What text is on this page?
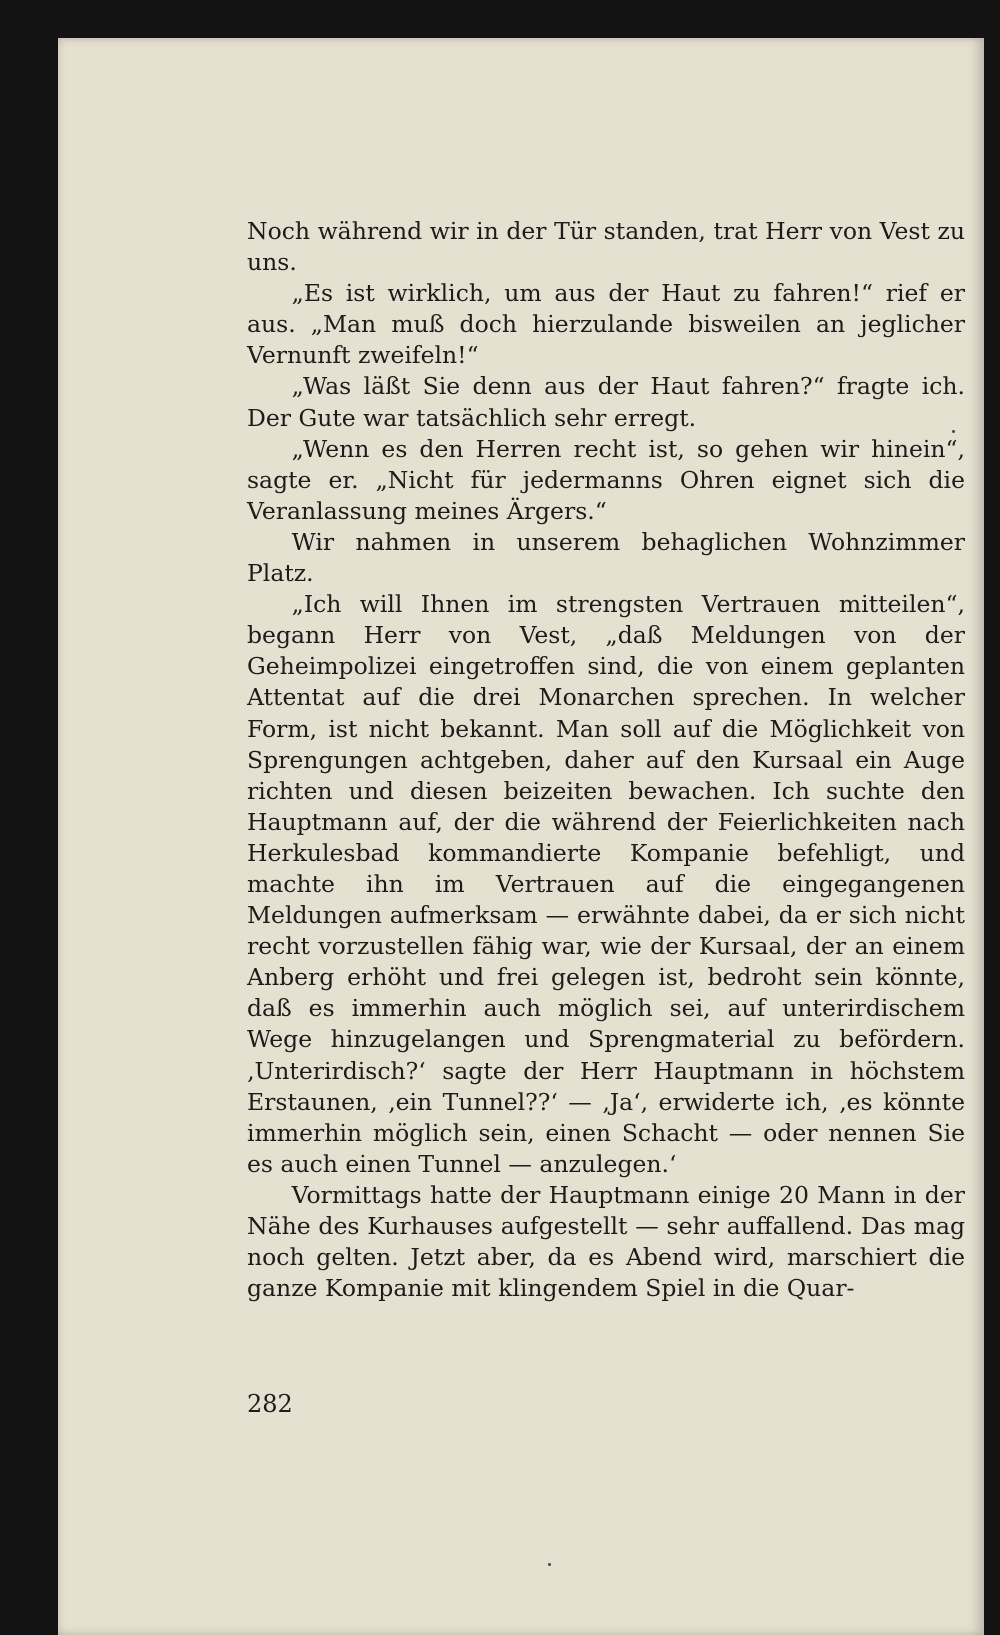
Noch während wir in der Tür standen, trat Herr von Vest zu uns.

„Es ist wirklich, um aus der Haut zu fahren!“ rief er aus. „Man muß doch hierzulande bisweilen an jeglicher Vernunft zweifeln!“

„Was läßt Sie denn aus der Haut fahren?“ fragte ich. Der Gute war tatsächlich sehr erregt.

„Wenn es den Herren recht ist, so gehen wir hinein“, sagte er. „Nicht für jedermanns Ohren eignet sich die Veranlassung meines Ärgers.“

Wir nahmen in unserem behaglichen Wohnzimmer Platz.

„Ich will Ihnen im strengsten Vertrauen mitteilen“, begann Herr von Vest, „daß Meldungen von der Geheimpolizei eingetroffen sind, die von einem geplanten Attentat auf die drei Monarchen sprechen. In welcher Form, ist nicht bekannt. Man soll auf die Möglichkeit von Sprengungen achtgeben, daher auf den Kursaal ein Auge richten und diesen beizeiten bewachen. Ich suchte den Hauptmann auf, der die während der Feierlichkeiten nach Herkulesbad kommandierte Kompanie befehligt, und machte ihn im Vertrauen auf die eingegangenen Meldungen aufmerksam — erwähnte dabei, da er sich nicht recht vorzustellen fähig war, wie der Kursaal, der an einem Anberg erhöht und frei gelegen ist, bedroht sein könnte, daß es immerhin auch möglich sei, auf unterirdischem Wege hinzugelangen und Sprengmaterial zu befördern. ‚Unterirdisch?‘ sagte der Herr Hauptmann in höchstem Erstaunen, ‚ein Tunnel??‘ — ‚Ja‘, erwiderte ich, ‚es könnte immerhin möglich sein, einen Schacht — oder nennen Sie es auch einen Tunnel — anzulegen.‘

Vormittags hatte der Hauptmann einige 20 Mann in der Nähe des Kurhauses aufgestellt — sehr auffallend. Das mag noch gelten. Jetzt aber, da es Abend wird, marschiert die ganze Kompanie mit klingendem Spiel in die Quar-

282
